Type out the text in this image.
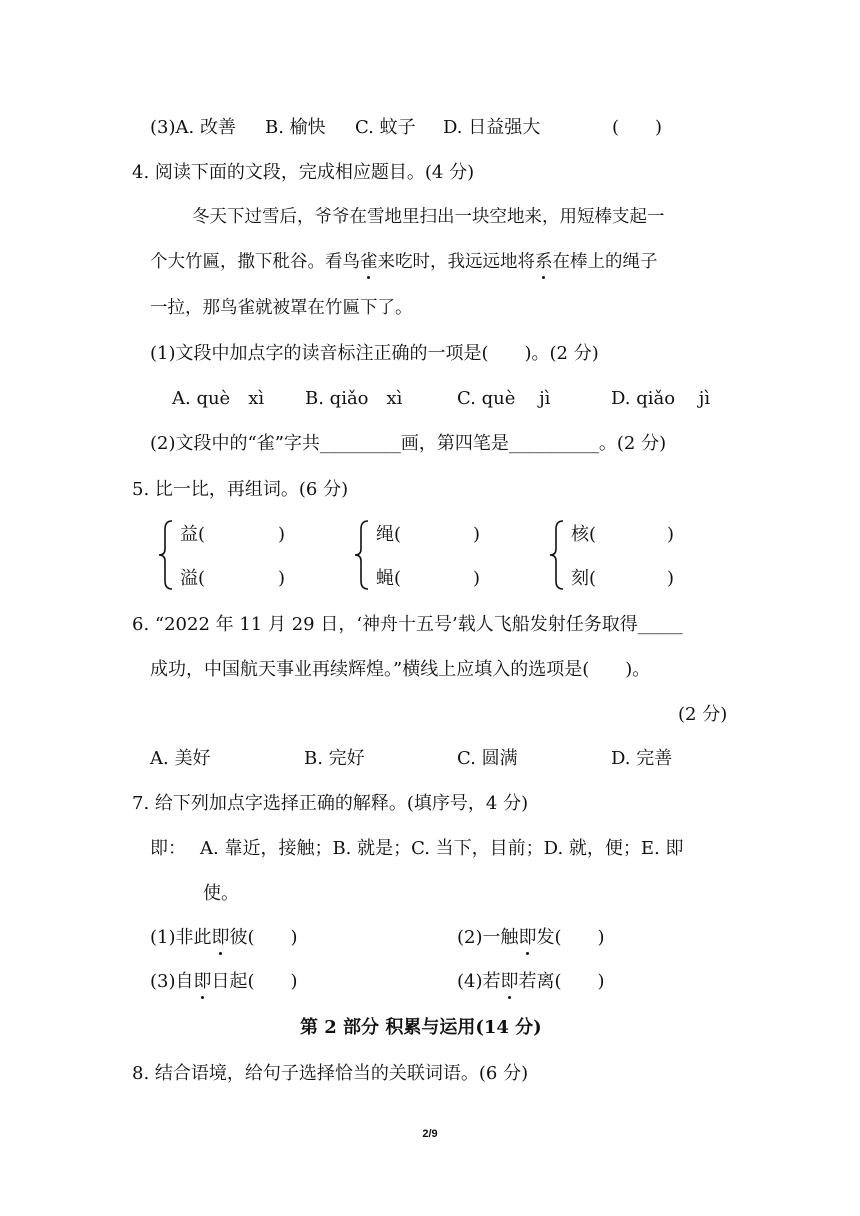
(3)A. 改善 B. 榆快 C. 蚊子 D. 日益强大	(　　)
4. 阅读下面的文段，完成相应题目。(4 分)
冬天下过雪后，爷爷在雪地里扫出一块空地来，用短棒支起一
个大竹匾，撒下秕谷。看鸟雀来吃时，我远远地将系在棒上的绳子
一拉，那鸟雀就被罩在竹匾下了。
(1)文段中加点字的读音标注正确的一项是(　　)。(2 分)
A. què　xì B. qiǎo　xì	C. què　 jì	D. qiǎo　 jì
(2)文段中的“雀”字共_________画，第四笔是__________。(2 分)
5. 比一比，再组词。(6 分)
益(	)
溢(	)
绳(	)
蝇(	)
核(	)
刻(	)
6. “2022 年 11 月 29 日，‘神舟十五号’载人飞船发射任务取得_____
成功，中国航天事业再续辉煌。”横线上应填入的选项是(　　)。
(2 分)
A. 美好	B. 完好	C. 圆满	D. 完善
7. 给下列加点字选择正确的解释。(填序号，4 分)
即： A. 靠近，接触；B. 就是；C. 当下，目前；D. 就，便；E. 即
使。
(1)非此即彼(　　)	(2)一触即发(　　)
(3)自即日起(　　)	(4)若即若离(　　)
第 2 部分 积累与运用(14 分)
8. 结合语境，给句子选择恰当的关联词语。(6 分)
2/9
